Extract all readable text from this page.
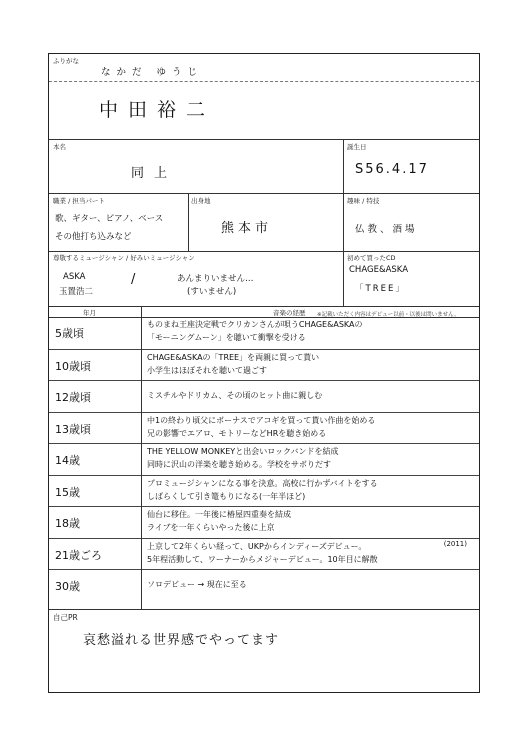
ふりがな
なかだ ゆうじ
中田裕二
本名	誕生日
同上	S56.4.17
職業 / 担当パート	出身地	趣味 / 特技
歌、ギター、ピアノ、ベース
その他打ち込みなど
熊本市	仏教、酒場
尊敬するミュージシャン / 好みいミュージシャン	初めて買ったCD
ASKA
玉置浩二
/	あんまりいません…
(すいません)
CHAGE&ASKA
「TREE」
年月	音楽の経歴 ※記載いただく内容はデビュー以前・以後は問いません。
5歳頃
ものまね王座決定戦でクリカンさんが唄うCHAGE&ASKAの
「モーニングムーン」を聴いて衝撃を受ける
10歳頃
CHAGE&ASKAの「TREE」を両親に買って貰い
小学生はほぼそれを聴いて過ごす
12歳頃	ミスチルやドリカム、その頃のヒット曲に親しむ
13歳頃
中1の終わり頃父にボーナスでアコギを買って貰い作曲を始める
兄の影響でエアロ、モトリーなどHRを聴き始める
14歳
THE YELLOW MONKEYと出会いロックバンドを結成
同時に沢山の洋楽を聴き始める。学校をサボりだす
15歳
プロミュージシャンになる事を決意。高校に行かずバイトをする
しばらくして引き篭もりになる(一年半ほど)
18歳
仙台に移住。一年後に椿屋四重奏を結成
ライブを一年くらいやった後に上京
21歳ごろ
上京して2年くらい経って、UKPからインディーズデビュー。
5年程活動して、ワーナーからメジャーデビュー。10年目に解散
(2011)
30歳	ソロデビュー → 現在に至る
自己PR
哀愁溢れる世界感でやってます
